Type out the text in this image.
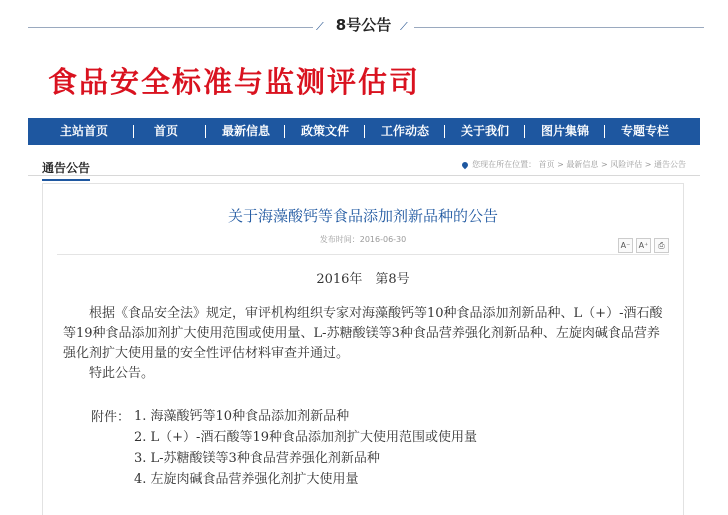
⟋ 8号公告 ⟋
食品安全标准与监测评估司
主站首页	首页	最新信息	政策文件	工作动态	关于我们	图片集锦	专题专栏
通告公告	您现在所在位置： 首页 > 最新信息 > 风险评估 > 通告公告
关于海藻酸钙等食品添加剂新品种的公告
发布时间：2016-06-30
A⁻ A⁺ ⎙
2016年　第8号

根据《食品安全法》规定，审评机构组织专家对海藻酸钙等10种食品添加剂新品种、L（+）-酒石酸等19种食品添加剂扩大使用范围或使用量、L-苏糖酸镁等3种食品营养强化剂新品种、左旋肉碱食品营养强化剂扩大使用量的安全性评估材料审查并通过。

特此公告。

附件： 1. 海藻酸钙等10种食品添加剂新品种
2. L（+）-酒石酸等19种食品添加剂扩大使用范围或使用量
3. L-苏糖酸镁等3种食品营养强化剂新品种
4. 左旋肉碱食品营养强化剂扩大使用量
